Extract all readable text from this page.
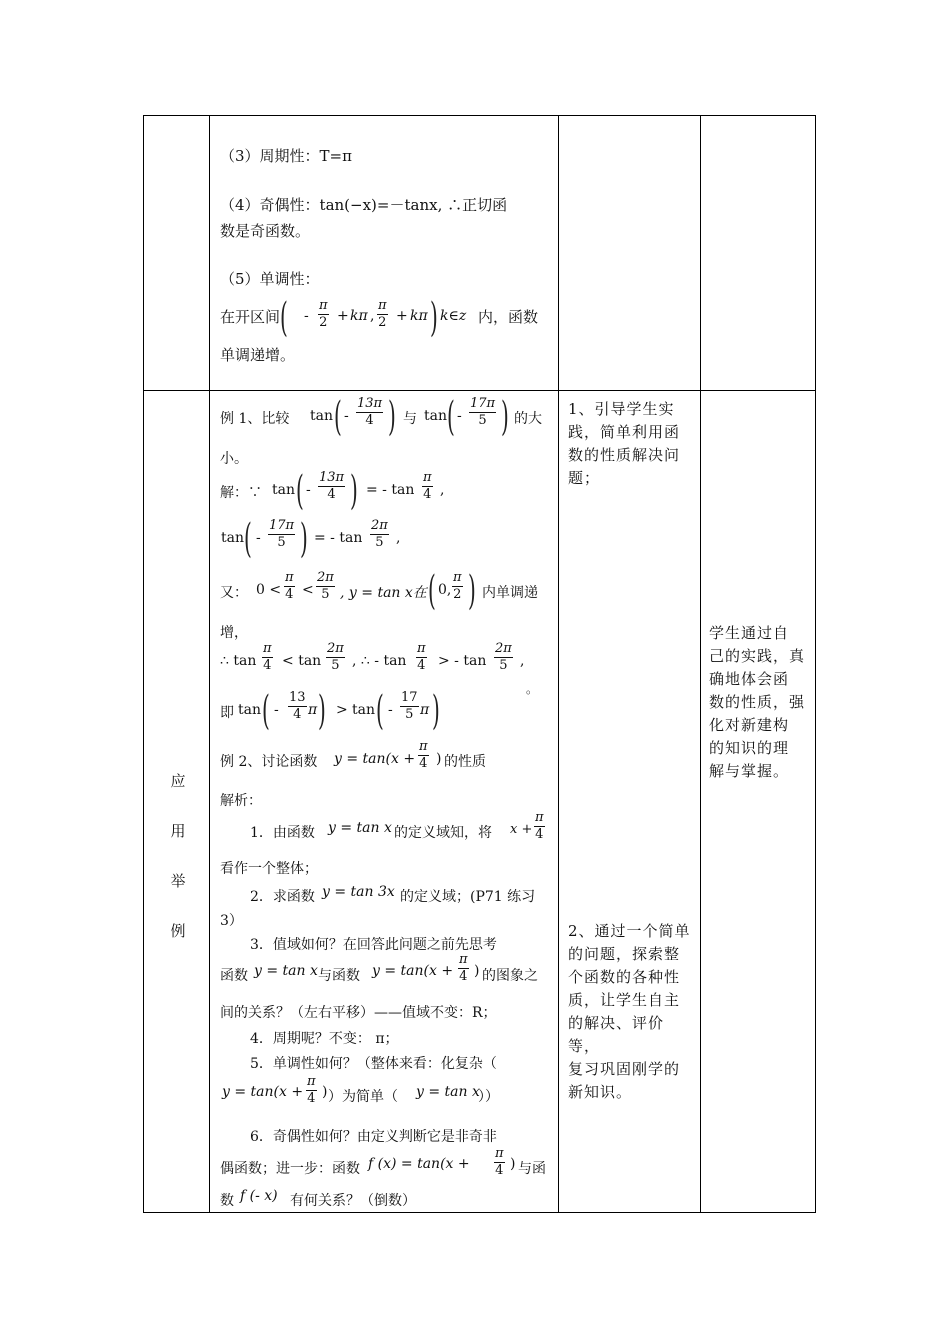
（3）周期性：T=π
（4）奇偶性：tan(−x)=－tanx, ∴正切函
数是奇函数。
（5）单调性：
在开区间 ( -
π
2 + kπ ,
π
2 + kπ ) k∈z 内，函数
单调递增。
应
用
举
例
例 1、比较 tan ( -
13π
4 ) 与 tan ( -
17π
5 ) 的大
小。
解：∵ tan ( -
13π
4 ) = - tan
π
4 ,
tan ( -
17π
5 ) = - tan
2π
5 ,
又： 0 <
π
4 <
2π
5 , y = tan x在 ( 0,
π
2 ) 内单调递
增，
∴ tan
π
4 < tan
2π
5 , ∴ - tan
π
4 > - tan
2π
5 ,
即 tan ( -
13
4 π ) > tan ( -
17
5 π )	。
例 2、讨论函数 y = tan(x +
π
4 ) 的性质
解析：
1．由函数 y = tan x 的定义域知，将 x +
π
4
看作一个整体；
2．求函数 y = tan 3x 的定义域；(P71 练习
3）
3．值域如何？在回答此问题之前先思考
函数 y = tan x 与函数 y = tan(x +
π
4 ) 的图象之
间的关系？（左右平移）——值域不变：R；
4．周期呢？不变： π；
5．单调性如何？（整体来看：化复杂（
y = tan(x +
π
4 ) ）为简单（ y = tan x
））
6．奇偶性如何？由定义判断它是非奇非
偶函数；进一步：函数 f (x) = tan(x +
π
4 ) 与函
数 f (- x) 有何关系？（倒数）
1、引导学生实
践，简单利用函
数的性质解决问
题；
2、通过一个简单
的问题，探索整
个函数的各种性
质，让学生自主
的解决、评价等，
复习巩固刚学的
新知识。
学生通过自
己的实践，真
确地体会函
数的性质，强
化对新建构
的知识的理
解与掌握。
